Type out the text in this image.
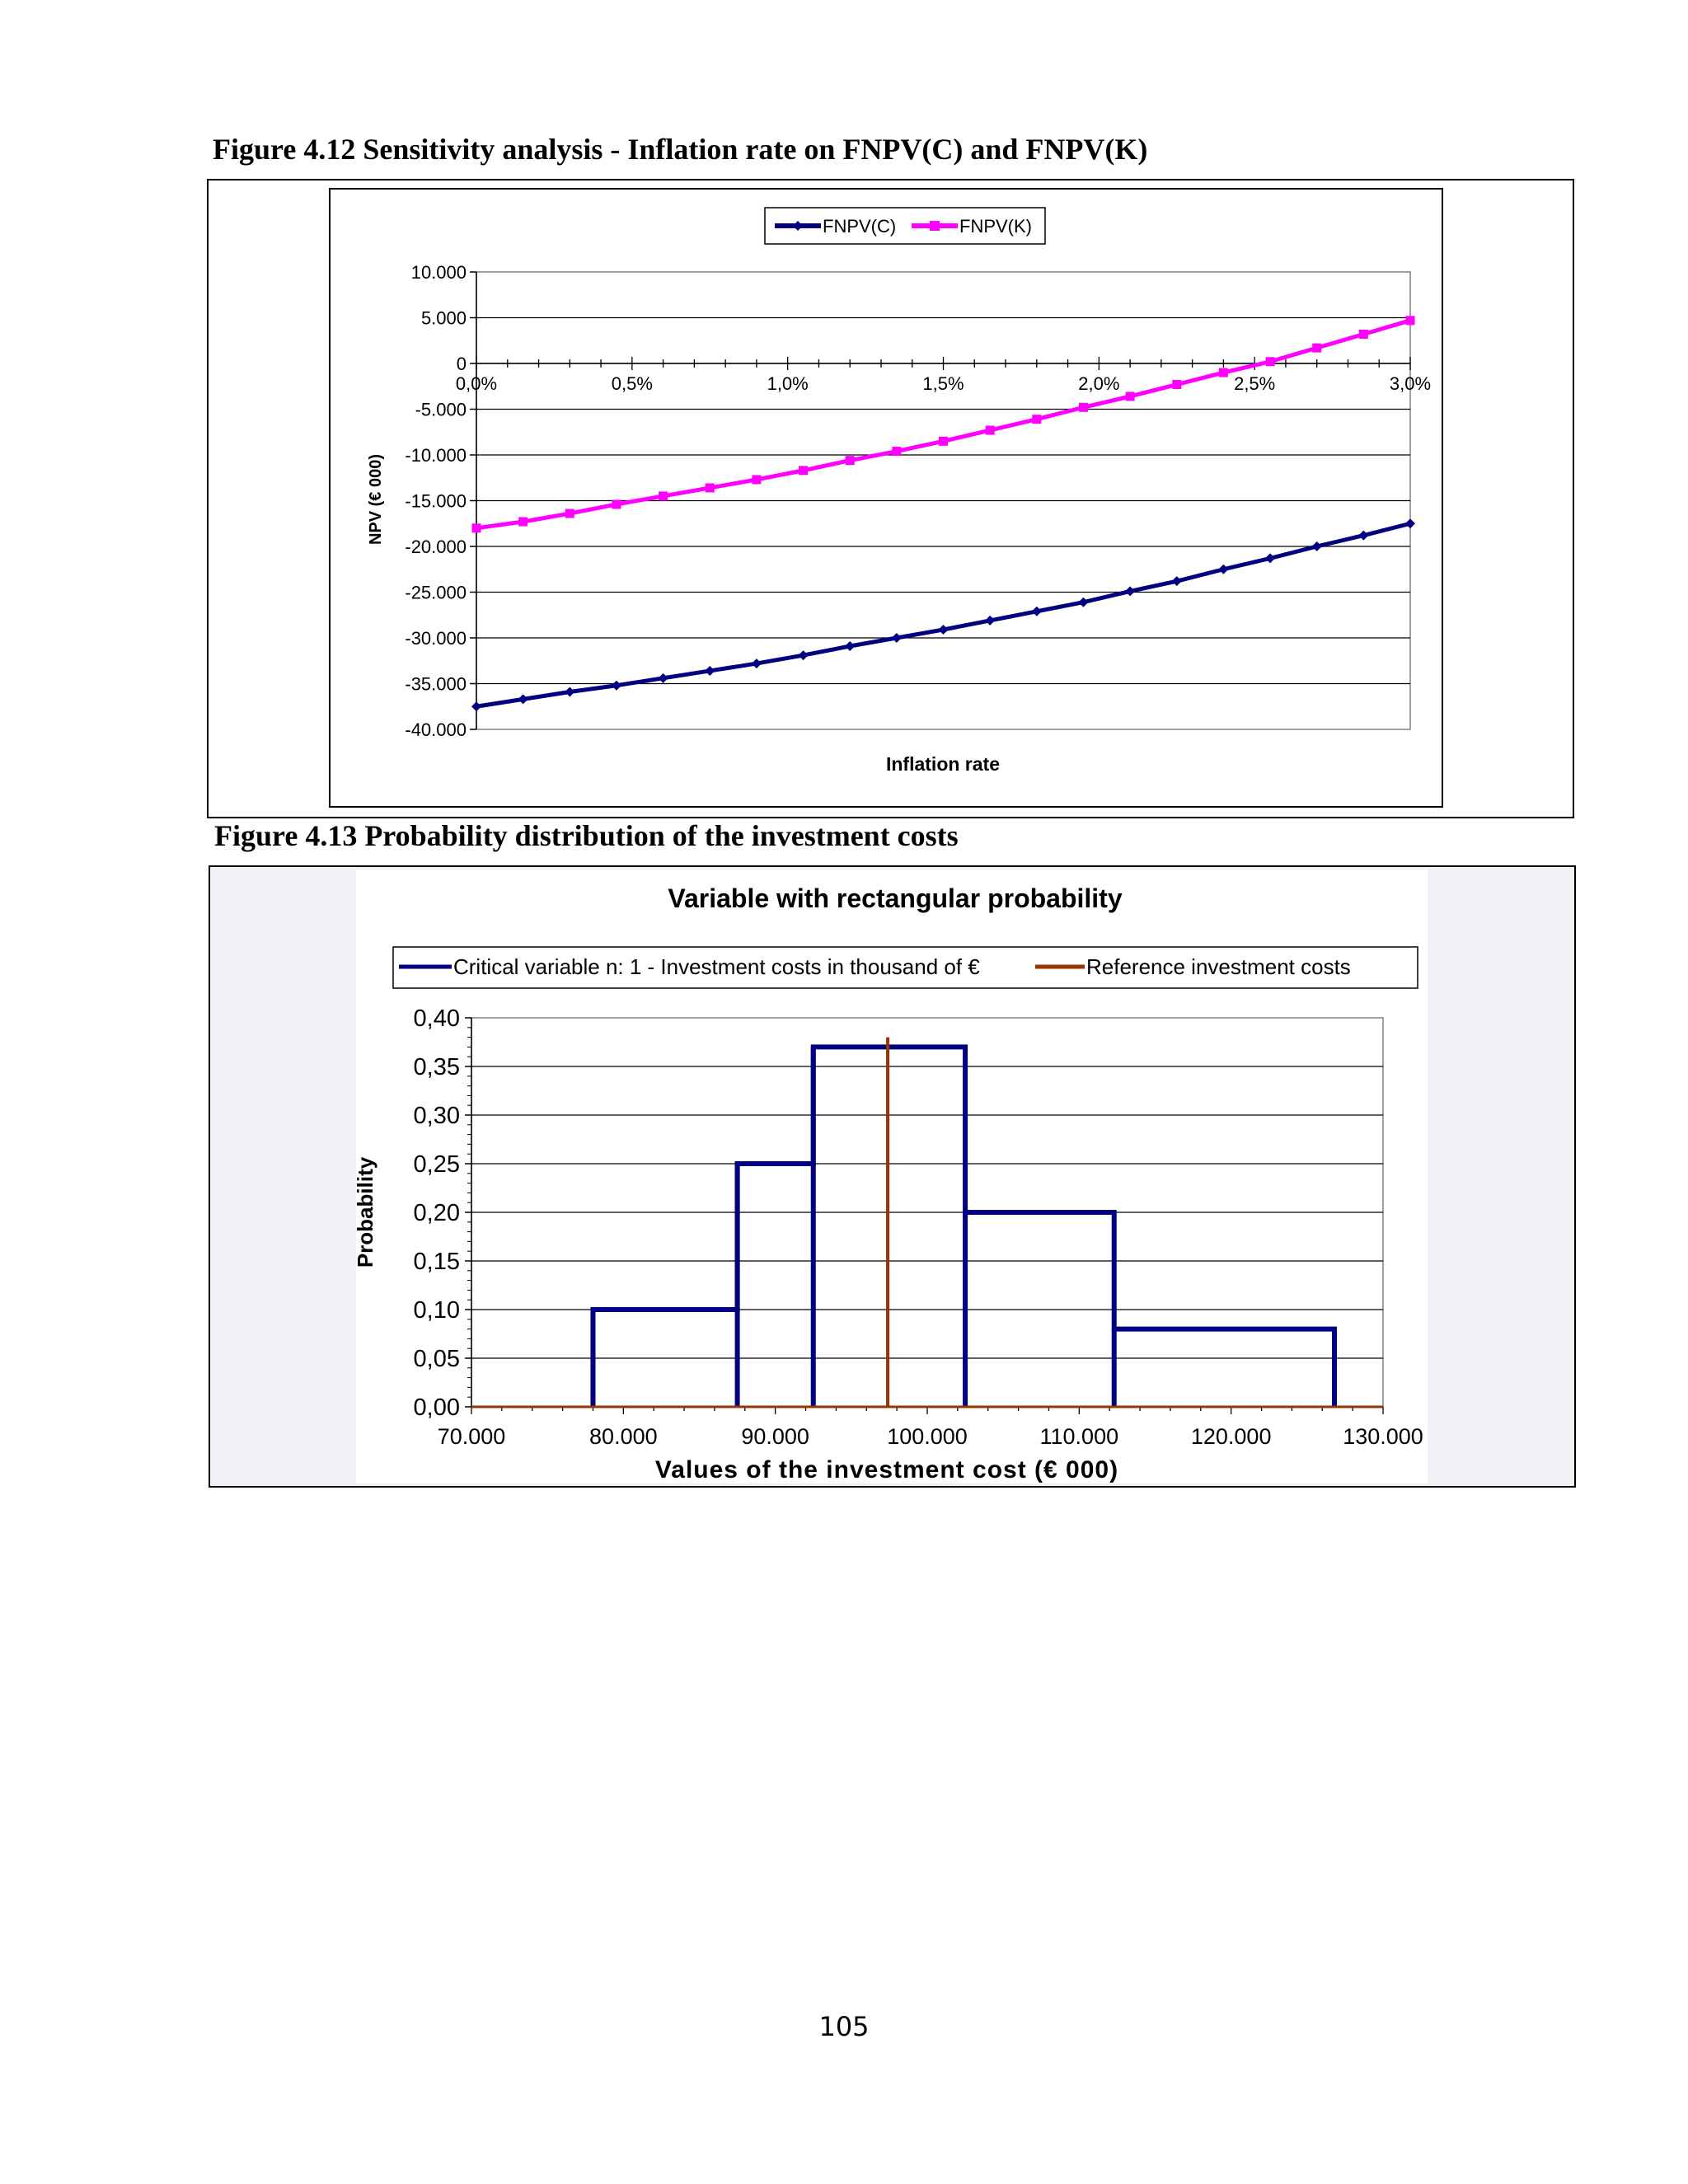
Figure 4.12 Sensitivity analysis - Inflation rate on FNPV(C) and FNPV(K)
10.000
5.000
0
-5.000
-10.000
-15.000
-20.000
-25.000
-30.000
-35.000
-40.000
0,0%	0,5%	1,0%	1,5%	2,0%	2,5%	3,0%
Inflation rate
NPV (€ 000)
FNPV(C)	FNPV(K)
Figure 4.13 Probability distribution of the investment costs
Variable with rectangular probability
Critical variable n: 1 - Investment costs in thousand of €	Reference investment costs
0,40
0,35
0,30
0,25
0,20
0,15
0,10
0,05
0,00
70.000	80.000	90.000	100.000	110.000	120.000	130.000
Values of the investment cost (€ 000)
Probability
105
